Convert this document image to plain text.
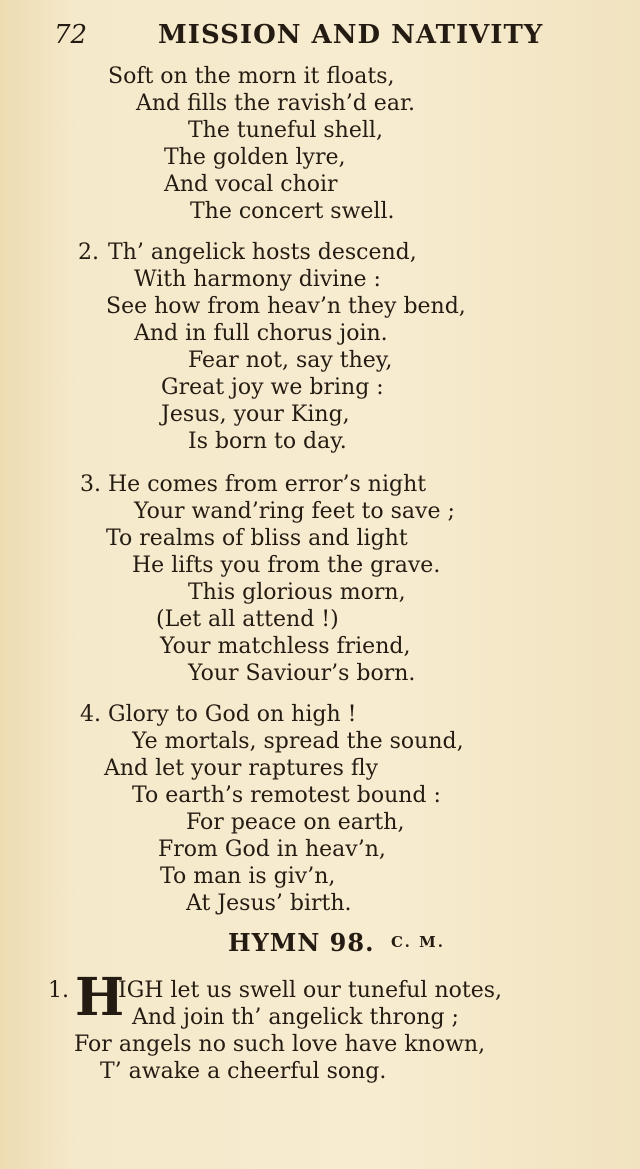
72	MISSION AND NATIVITY
Soft on the morn it floats,
And fills the ravish’d ear.
The tuneful shell,
The golden lyre,
And vocal choir
The concert swell.
2. Th’ angelick hosts descend,
With harmony divine :
See how from heav’n they bend,
And in full chorus join.
Fear not, say they,
Great joy we bring :
Jesus, your King,
Is born to day.
3. He comes from error’s night
Your wand’ring feet to save ;
To realms of bliss and light
He lifts you from the grave.
This glorious morn,
(Let all attend !)
Your matchless friend,
Your Saviour’s born.
4. Glory to God on high !
Ye mortals, spread the sound,
And let your raptures fly
To earth’s remotest bound :
For peace on earth,
From God in heav’n,
To man is giv’n,
At Jesus’ birth.
HYMN 98. C. M.
1. H
IGH let us swell our tuneful notes,
And join th’ angelick throng ;
For angels no such love have known,
T’ awake a cheerful song.
